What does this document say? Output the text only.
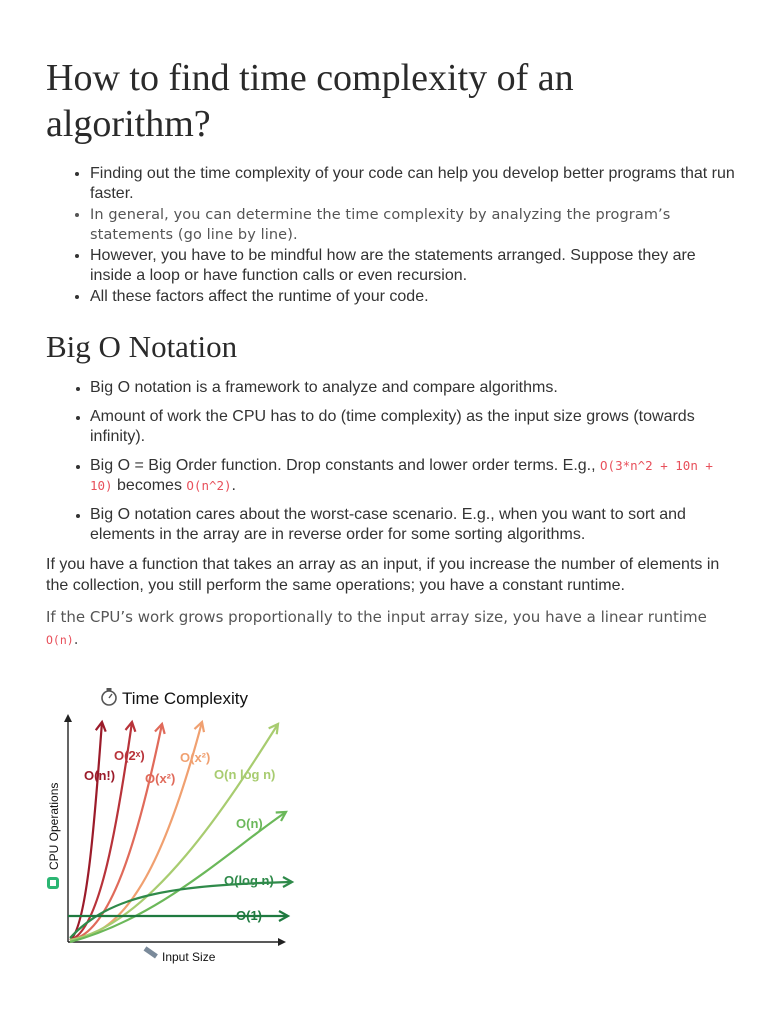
How to find time complexity of an algorithm?
• Finding out the time complexity of your code can help you develop better programs that run faster.
• In general, you can determine the time complexity by analyzing the program’s statements (go line by line).
• However, you have to be mindful how are the statements arranged. Suppose they are inside a loop or have function calls or even recursion.
• All these factors affect the runtime of your code.
Big O Notation
• Big O notation is a framework to analyze and compare algorithms.
• Amount of work the CPU has to do (time complexity) as the input size grows (towards infinity).
• Big O = Big Order function. Drop constants and lower order terms. E.g., O(3*n^2 + 10n + 10) becomes O(n^2).
• Big O notation cares about the worst-case scenario. E.g., when you want to sort and elements in the array are in reverse order for some sorting algorithms.

If you have a function that takes an array as an input, if you increase the number of elements in the collection, you still perform the same operations; you have a constant runtime.

If the CPU’s work grows proportionally to the input array size, you have a linear runtime O(n).

Time Complexity
CPU Operations
Input Size
O(n!)
O(2ˣ)
O(x²)
O(x²)
O(n log n)
O(n)
O(log n)
O(1)
